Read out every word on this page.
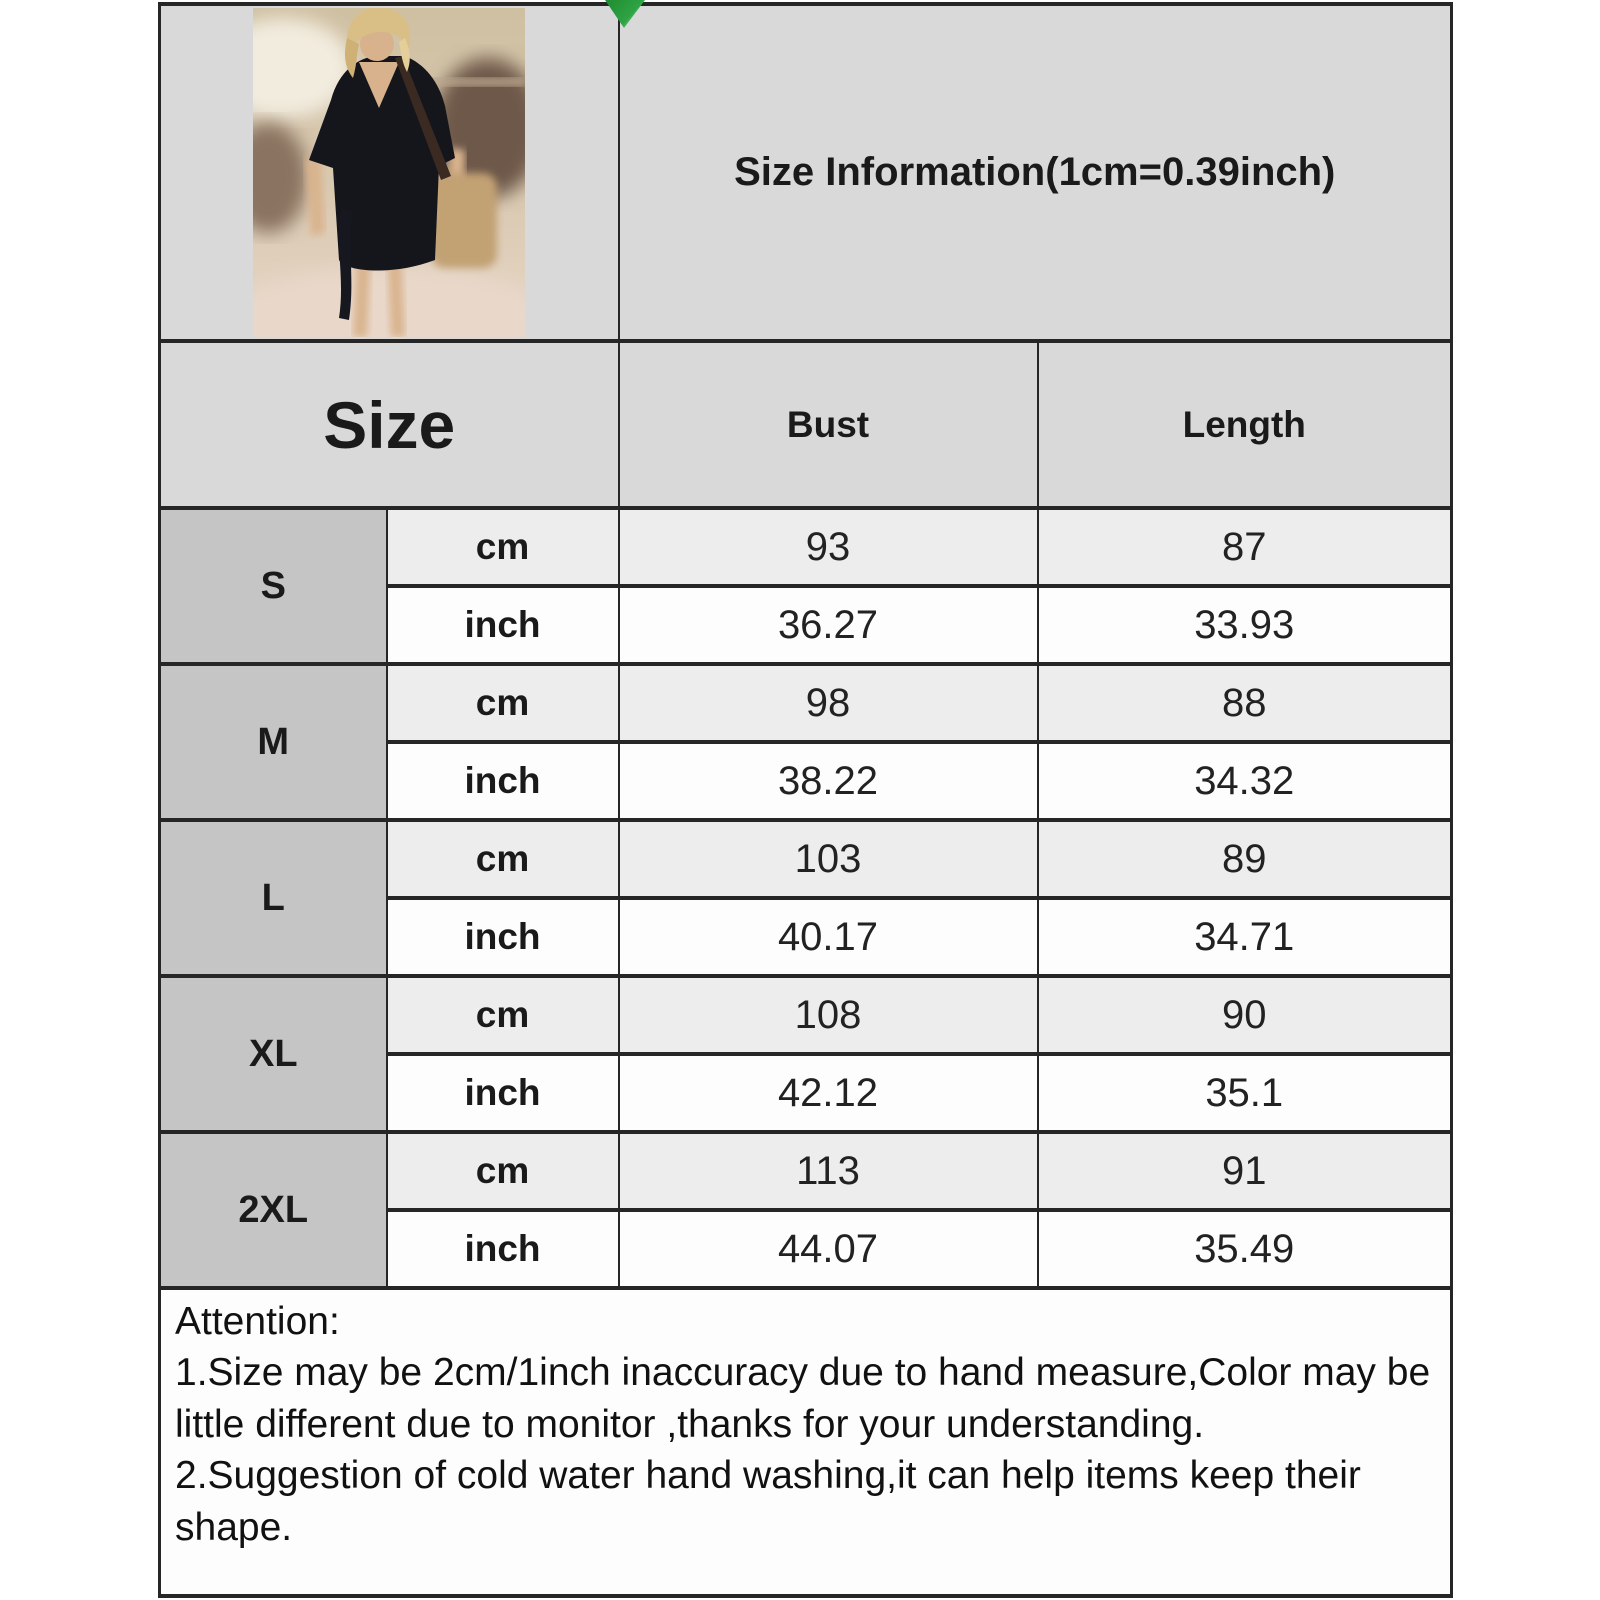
	Size Information(1cm=0.39inch)	
Size		Bust	Length
S	cm	93	87
	inch	36.27	33.93
M	cm	98	88
	inch	38.22	34.32
L	cm	103	89
	inch	40.17	34.71
XL	cm	108	90
	inch	42.12	35.1
2XL	cm	113	91
	inch	44.07	35.49

Attention:
1.Size may be 2cm/1inch inaccuracy due to hand measure,Color may be little different due to monitor ,thanks for your understanding.
2.Suggestion of cold water hand washing,it can help items keep their shape.			
